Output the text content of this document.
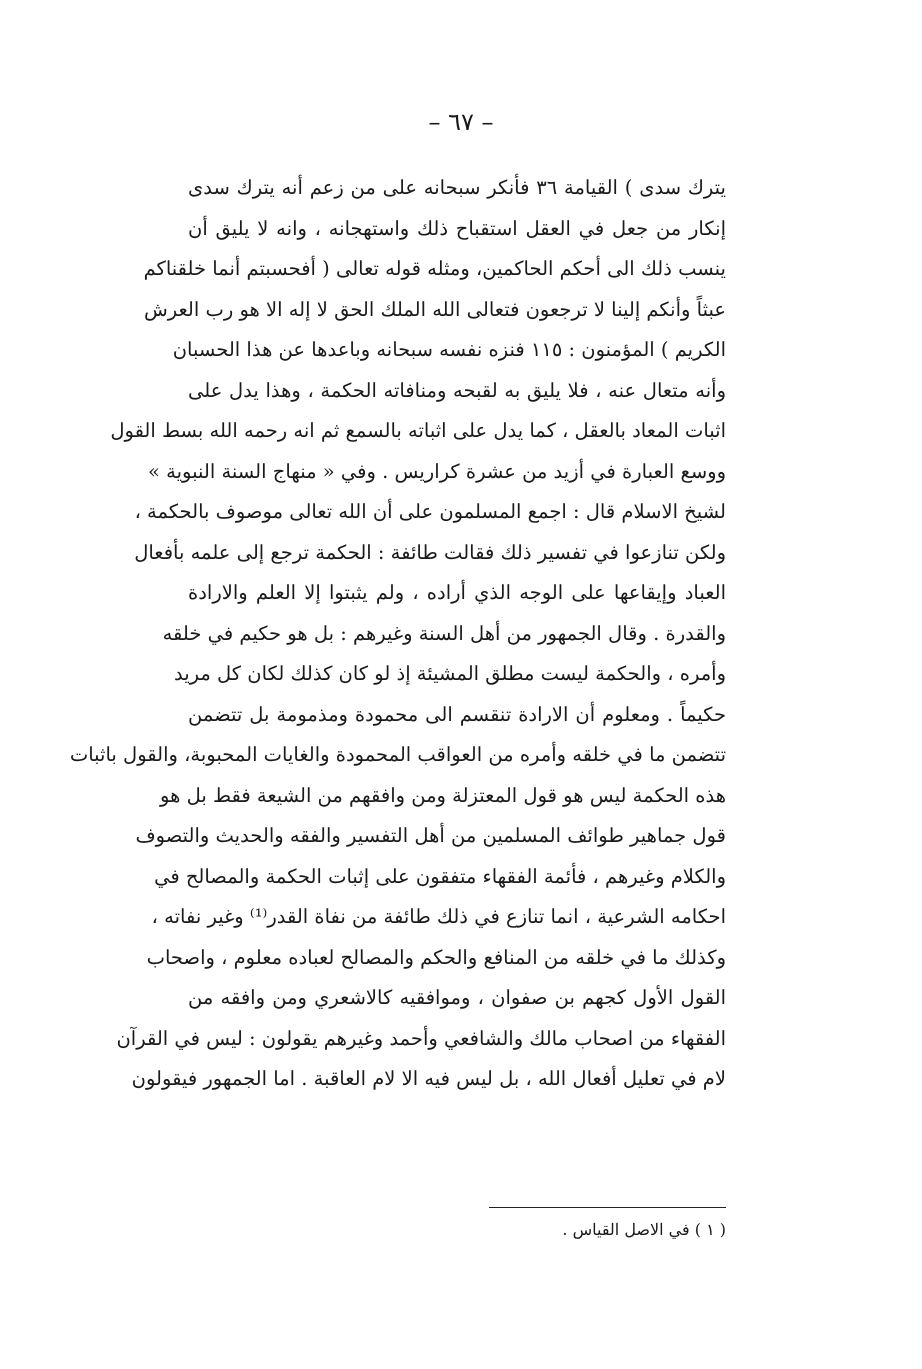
– ٦٧ –
يترك سدى ) القيامة ٣٦ فأنكر سبحانه على من زعم أنه يترك سدى
إنكار من جعل في العقل استقباح ذلك واستهجانه ، وانه لا يليق أن
ينسب ذلك الى أحكم الحاكمين، ومثله قوله تعالى ( أفحسبتم أنما خلقناكم
عبثاً وأنكم إلينا لا ترجعون فتعالى الله الملك الحق لا إله الا هو رب العرش
الكريم ) المؤمنون : ١١٥ فنزه نفسه سبحانه وباعدها عن هذا الحسبان
وأنه متعال عنه ، فلا يليق به لقبحه ومنافاته الحكمة ، وهذا يدل على
اثبات المعاد بالعقل ، كما يدل على اثباته بالسمع ثم انه رحمه الله بسط القول
ووسع العبارة في أزيد من عشرة كراريس . وفي « منهاج السنة النبوية »
لشيخ الاسلام قال : اجمع المسلمون على أن الله تعالى موصوف بالحكمة ،
ولكن تنازعوا في تفسير ذلك فقالت طائفة : الحكمة ترجع إلى علمه بأفعال
العباد وإيقاعها على الوجه الذي أراده ، ولم يثبتوا إلا العلم والارادة
والقدرة . وقال الجمهور من أهل السنة وغيرهم : بل هو حكيم في خلقه
وأمره ، والحكمة ليست مطلق المشيئة إذ لو كان كذلك لكان كل مريد
حكيماً . ومعلوم أن الارادة تنقسم الى محمودة ومذمومة بل تتضمن
تتضمن ما في خلقه وأمره من العواقب المحمودة والغايات المحبوبة، والقول باثبات
هذه الحكمة ليس هو قول المعتزلة ومن وافقهم من الشيعة فقط بل هو
قول جماهير طوائف المسلمين من أهل التفسير والفقه والحديث والتصوف
والكلام وغيرهم ، فأئمة الفقهاء متفقون على إثبات الحكمة والمصالح في
احكامه الشرعية ، انما تنازع في ذلك طائفة من نفاة القدر⁽¹⁾ وغير نفاته ،
وكذلك ما في خلقه من المنافع والحكم والمصالح لعباده معلوم ، واصحاب
القول الأول كجهم بن صفوان ، وموافقيه كالاشعري ومن وافقه من
الفقهاء من اصحاب مالك والشافعي وأحمد وغيرهم يقولون : ليس في القرآن
لام في تعليل أفعال الله ، بل ليس فيه الا لام العاقبة . اما الجمهور فيقولون
( ١ ) في الاصل القياس .
